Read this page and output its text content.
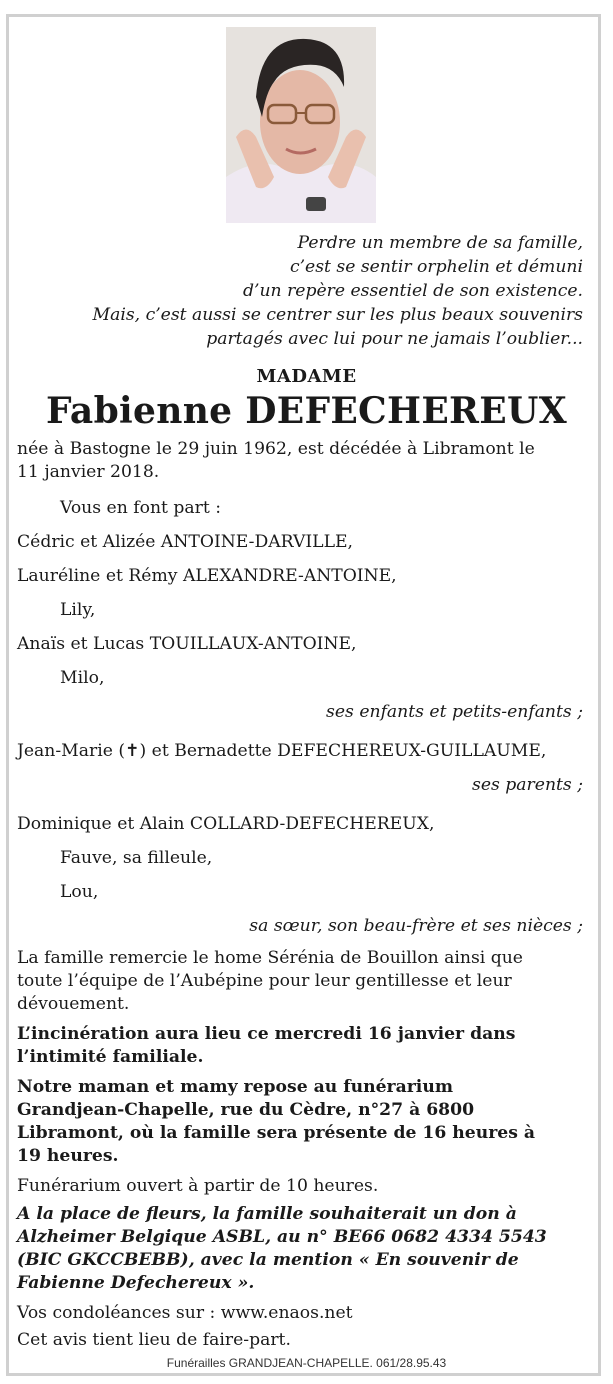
Perdre un membre de sa famille,
c’est se sentir orphelin et démuni
d’un repère essentiel de son existence.
Mais, c’est aussi se centrer sur les plus beaux souvenirs
partagés avec lui pour ne jamais l’oublier...
MADAME
Fabienne DEFECHEREUX
née à Bastogne le 29 juin 1962, est décédée à Libramont le
11 janvier 2018.
Vous en font part :
Cédric et Alizée ANTOINE-DARVILLE,
Lauréline et Rémy ALEXANDRE-ANTOINE,
Lily,
Anaïs et Lucas TOUILLAUX-ANTOINE,
Milo,
ses enfants et petits-enfants ;
Jean-Marie (✝) et Bernadette DEFECHEREUX-GUILLAUME,
ses parents ;
Dominique et Alain COLLARD-DEFECHEREUX,
Fauve, sa filleule,
Lou,
sa sœur, son beau-frère et ses nièces ;
La famille remercie le home Sérénia de Bouillon ainsi que
toute l’équipe de l’Aubépine pour leur gentillesse et leur
dévouement.
L’incinération aura lieu ce mercredi 16 janvier dans
l’intimité familiale.
Notre maman et mamy repose au funérarium
Grandjean-Chapelle, rue du Cèdre, n°27 à 6800
Libramont, où la famille sera présente de 16 heures à
19 heures.
Funérarium ouvert à partir de 10 heures.
A la place de fleurs, la famille souhaiterait un don à
Alzheimer Belgique ASBL, au n° BE66 0682 4334 5543
(BIC GKCCBEBB), avec la mention « En souvenir de
Fabienne Defechereux ».
Vos condoléances sur : www.enaos.net
Cet avis tient lieu de faire-part.
Funérailles GRANDJEAN-CHAPELLE. 061/28.95.43
